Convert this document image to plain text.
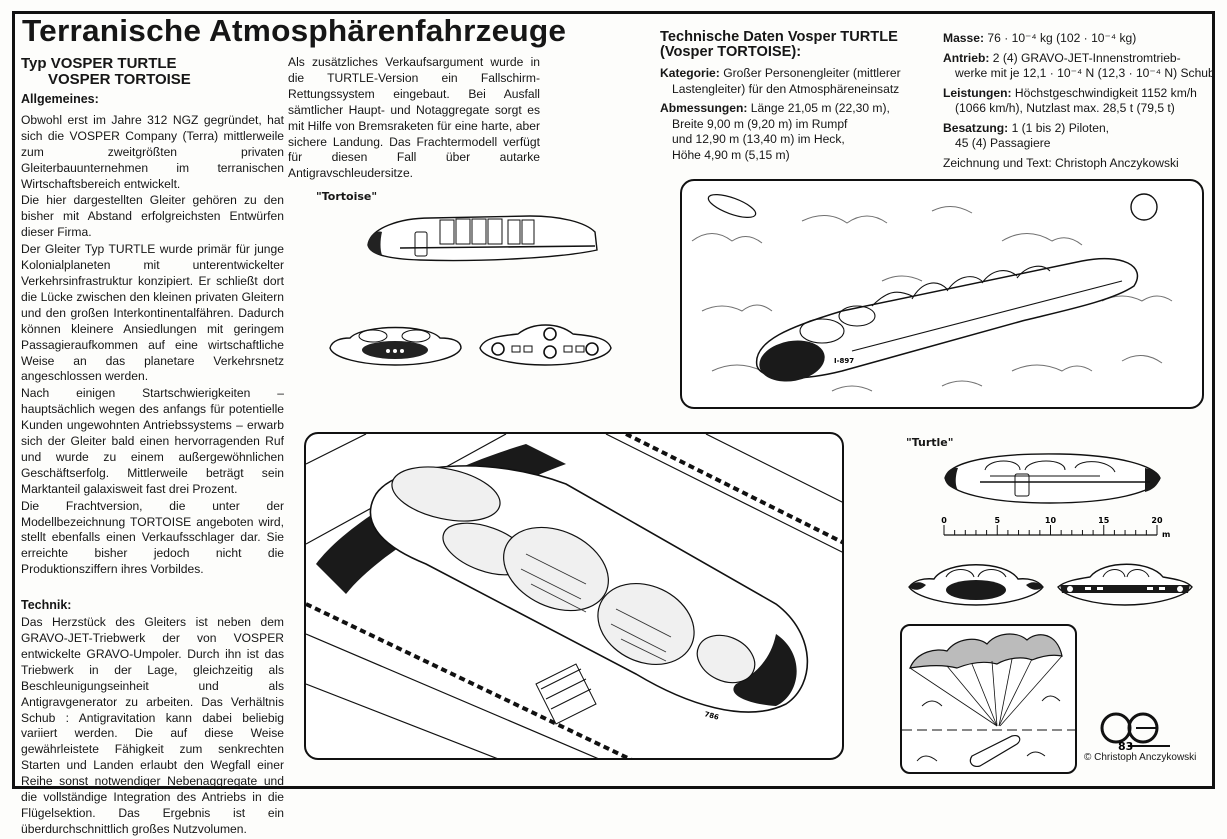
Terranische Atmosphärenfahrzeuge
Typ VOSPER TURTLE
VOSPER TORTOISE
Allgemeines:

Obwohl erst im Jahre 312 NGZ gegründet, hat sich die VOSPER Company (Terra) mittlerweile zum zweitgrößten privaten Gleiterbauunternehmen im terranischen Wirtschaftsbereich entwickelt.

Die hier dargestellten Gleiter gehören zu den bisher mit Abstand erfolgreichsten Entwürfen dieser Firma.

Der Gleiter Typ TURTLE wurde primär für junge Kolonialplaneten mit unterentwickelter Verkehrsinfrastruktur konzipiert. Er schließt dort die Lücke zwischen den kleinen privaten Gleitern und den großen Interkontinentalfähren. Dadurch können kleinere Ansiedlungen mit geringem Passagieraufkommen auf eine wirtschaftliche Weise an das planetare Verkehrsnetz angeschlossen werden.

Nach einigen Startschwierigkeiten – hauptsächlich wegen des anfangs für potentielle Kunden ungewohnten Antriebssystems – erwarb sich der Gleiter bald einen hervorragenden Ruf und wurde zu einem außergewöhnlichen Geschäftserfolg. Mittlerweile beträgt sein Marktanteil galaxisweit fast drei Prozent.

Die Frachtversion, die unter der Modellbezeichnung TORTOISE angeboten wird, stellt ebenfalls einen Verkaufsschlager dar. Sie erreichte bisher jedoch nicht die Produktionsziffern ihres Vorbildes.

Technik:

Das Herzstück des Gleiters ist neben dem GRAVO-JET-Triebwerk der von VOSPER entwickelte GRAVO-Umpoler. Durch ihn ist das Triebwerk in der Lage, gleichzeitig als Beschleunigungseinheit und als Antigravgenerator zu arbeiten. Das Verhältnis Schub : Antigravitation kann dabei beliebig variiert werden. Die auf diese Weise gewährleistete Fähigkeit zum senkrechten Starten und Landen erlaubt den Wegfall einer Reihe sonst notwendiger Nebenaggregate und die vollständige Integration des Antriebs in die Flügelsektion. Das Ergebnis ist ein überdurchschnittlich großes Nutzvolumen.

Als zusätzliches Verkaufsargument wurde in die TURTLE-Version ein Fallschirm-Rettungssystem eingebaut. Bei Ausfall sämtlicher Haupt- und Notaggregate sorgt es mit Hilfe von Bremsraketen für eine harte, aber sichere Landung. Das Frachtermodell verfügt für diesen Fall über autarke Antigravschleudersitze.

Technische Daten Vosper TURTLE
(Vosper TORTOISE):
Kategorie: Großer Personengleiter (mittlerer
Lastengleiter) für den Atmosphäreneinsatz
Abmessungen: Länge 21,05 m (22,30 m),
Breite 9,00 m (9,20 m) im Rumpf
und 12,90 m (13,40 m) im Heck,
Höhe 4,90 m (5,15 m)
Masse: 76 · 10⁻⁴ kg (102 · 10⁻⁴ kg)
Antrieb: 2 (4) GRAVO-JET-Innenstromtrieb-
werke mit je 12,1 · 10⁻⁴ N (12,3 · 10⁻⁴ N) Schub
Leistungen: Höchstgeschwindigkeit 1152 km/h
(1066 km/h), Nutzlast max. 28,5 t (79,5 t)
Besatzung: 1 (1 bis 2) Piloten,
45 (4) Passagiere
Zeichnung und Text: Christoph Anczykowski
"Tortoise"
I-897
786
"Turtle"
0	5	10	15	20
m
83
© Christoph Anczykowski
